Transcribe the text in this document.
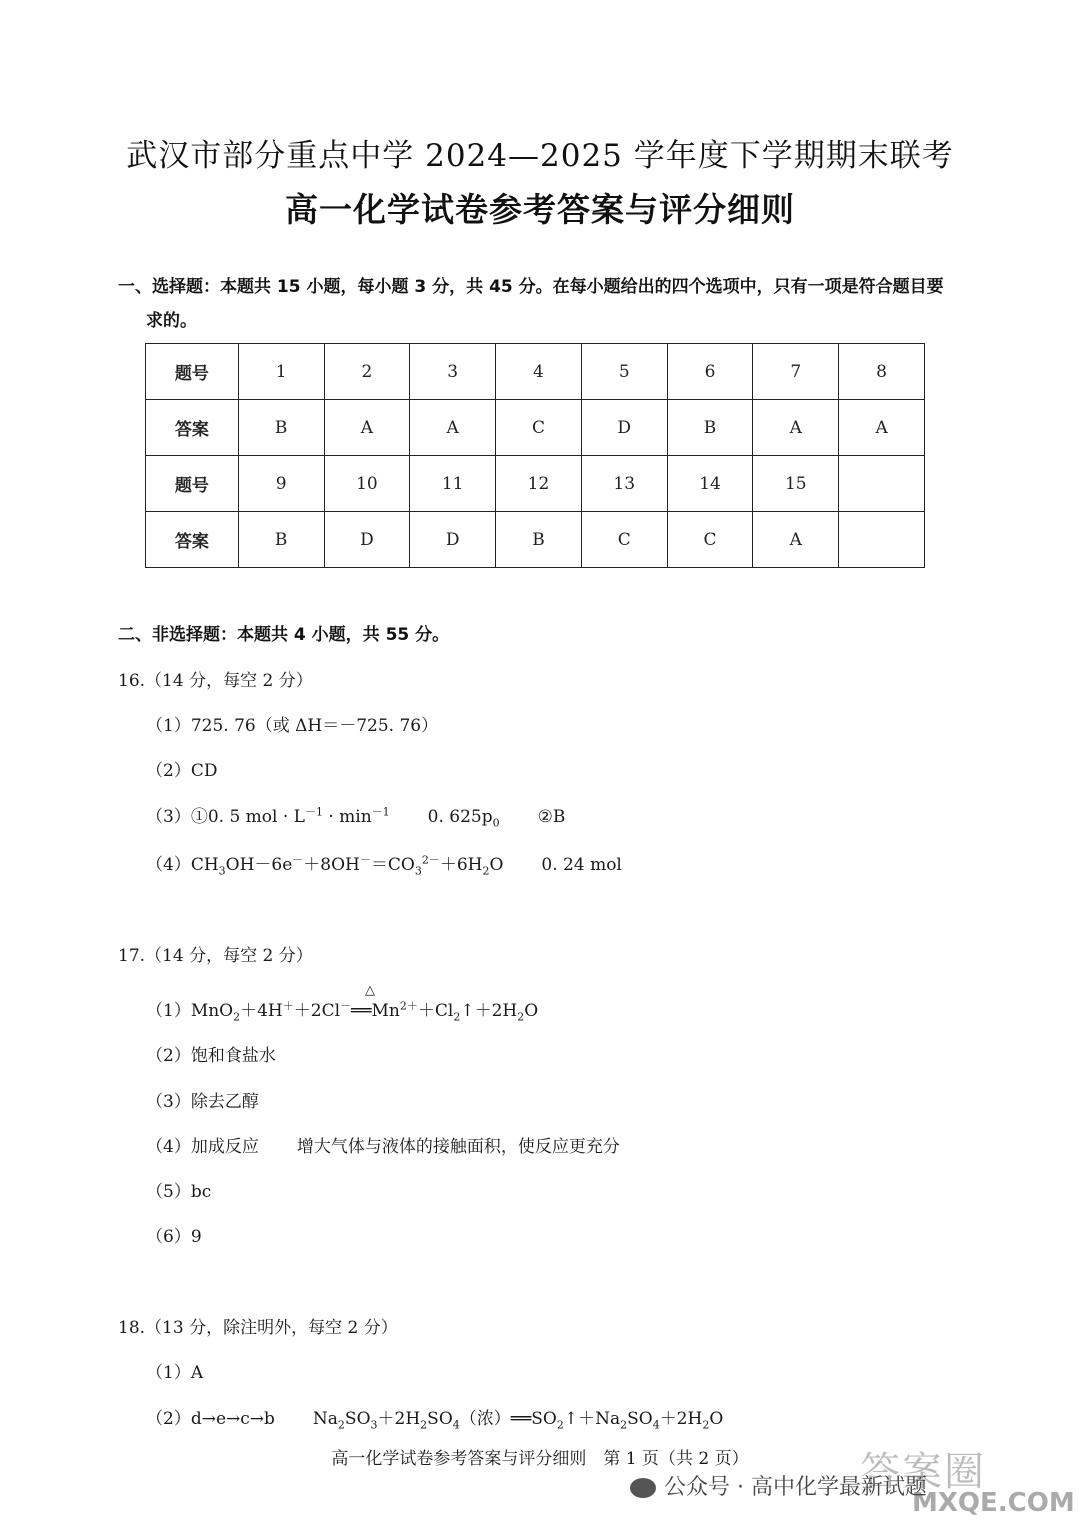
武汉市部分重点中学 2024—2025 学年度下学期期末联考
高一化学试卷参考答案与评分细则
一、选择题：本题共 15 小题，每小题 3 分，共 45 分。在每小题给出的四个选项中，只有一项是符合题目要
求的。
题号	1	2	3	4	5	6	7	8
答案	B	A	A	C	D	B	A	A
题号	9	10	11	12	13	14	15	
答案	B	D	D	B	C	C	A	
二、非选择题：本题共 4 小题，共 55 分。
16.（14 分，每空 2 分）
（1）725. 76（或 ΔH＝－725. 76）
（2）CD
（3）①0. 5 mol · $L^{-1} \cdot \min^{-1} 0$. $625p_0$ ②B
$(4)CH_3OH-6e^-+8OH^-=CO_3^{2-}+6H_2O$ 0. 24 mol
17.（14 分，每空 2 分）
（1）MnO$_2$＋4H＋＋2Cl－
△
$══Mn^{2+}+Cl_2↑+2H_2O$
（2）饱和食盐水
（3）除去乙醇
（4）加成反应 增大气体与液体的接触面积，使反应更充分
（5）bc
（6）9
18.（13 分，除注明外，每空 2 分）
（1）A
（2）d→e→c→b $Na_2SO_3+2H_2SO_4$（浓）$══SO_2↑+Na_2SO_4+2H_2O$
高一化学试卷参考答案与评分细则　第 1 页（共 2 页）	答案圈
MXQE.COM
公众号 · 高中化学最新试题
